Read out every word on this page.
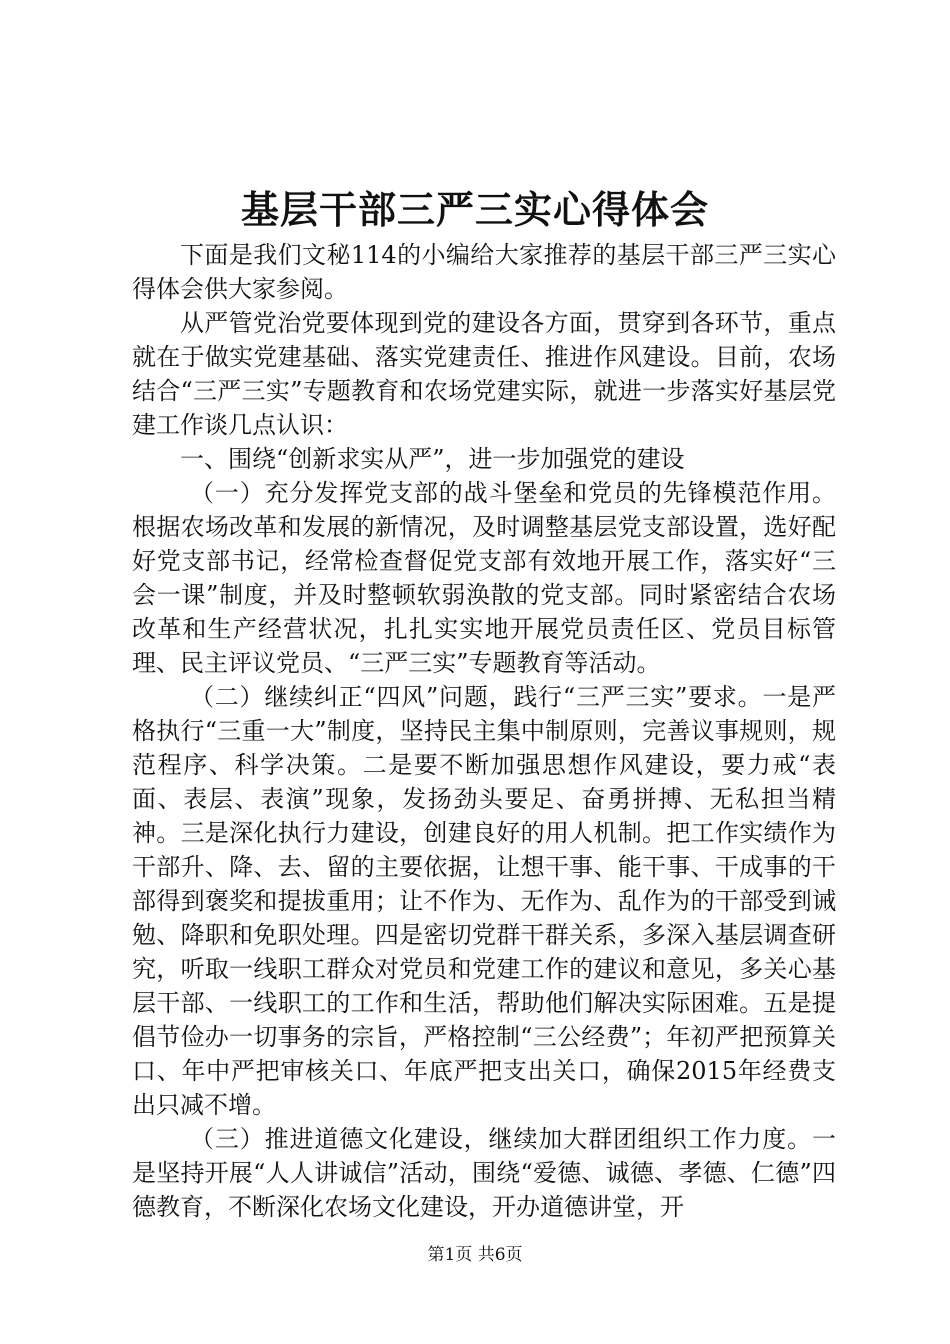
基层干部三严三实心得体会

下面是我们文秘114的小编给大家推荐的基层干部三严三实心得体会供大家参阅。

从严管党治党要体现到党的建设各方面，贯穿到各环节，重点就在于做实党建基础、落实党建责任、推进作风建设。目前，农场结合“三严三实”专题教育和农场党建实际，就进一步落实好基层党建工作谈几点认识：

一、围绕“创新求实从严”，进一步加强党的建设

（一）充分发挥党支部的战斗堡垒和党员的先锋模范作用。根据农场改革和发展的新情况，及时调整基层党支部设置，选好配好党支部书记，经常检查督促党支部有效地开展工作，落实好“三会一课”制度，并及时整顿软弱涣散的党支部。同时紧密结合农场改革和生产经营状况，扎扎实实地开展党员责任区、党员目标管理、民主评议党员、“三严三实”专题教育等活动。

（二）继续纠正“四风”问题，践行“三严三实”要求。一是严格执行“三重一大”制度，坚持民主集中制原则，完善议事规则，规范程序、科学决策。二是要不断加强思想作风建设，要力戒“表面、表层、表演”现象，发扬劲头要足、奋勇拼搏、无私担当精神。三是深化执行力建设，创建良好的用人机制。把工作实绩作为干部升、降、去、留的主要依据，让想干事、能干事、干成事的干部得到褒奖和提拔重用；让不作为、无作为、乱作为的干部受到诫勉、降职和免职处理。四是密切党群干群关系，多深入基层调查研究，听取一线职工群众对党员和党建工作的建议和意见，多关心基层干部、一线职工的工作和生活，帮助他们解决实际困难。五是提倡节俭办一切事务的宗旨，严格控制“三公经费”；年初严把预算关口、年中严把审核关口、年底严把支出关口，确保2015年经费支出只减不增。

（三）推进道德文化建设，继续加大群团组织工作力度。一是坚持开展“人人讲诚信”活动，围绕“爱德、诚德、孝德、仁德”四德教育，不断深化农场文化建设，开办道德讲堂，开

第1页 共6页
